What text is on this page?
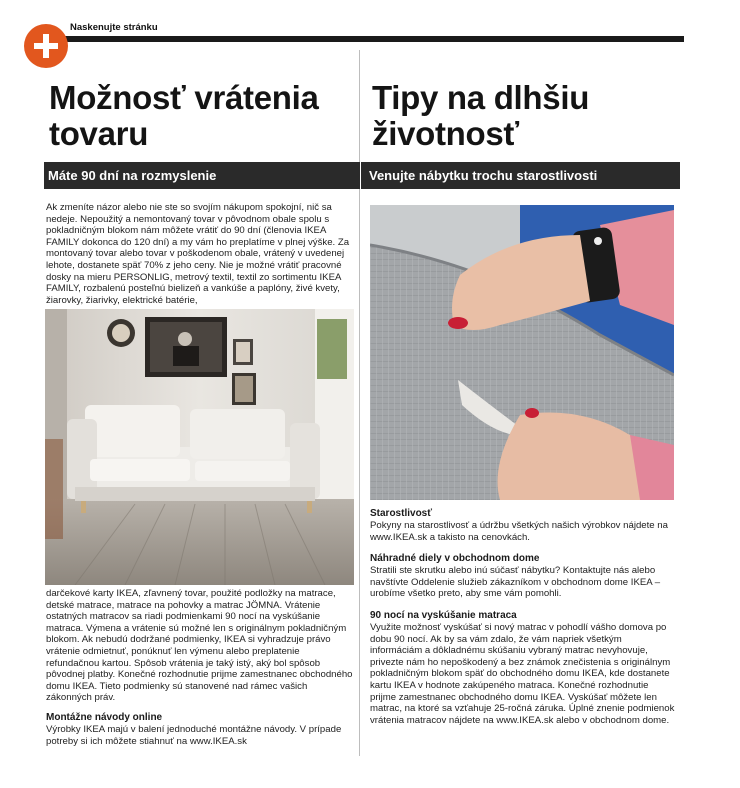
Naskenujte stránku
Možnosť vrátenia tovaru
Máte 90 dní na rozmyslenie

Ak zmeníte názor alebo nie ste so svojím nákupom spokojní, nič sa nedeje. Nepoužitý a nemontovaný tovar v pôvodnom obale spolu s pokladničným blokom nám môžete vrátiť do 90 dní (členovia IKEA FAMILY dokonca do 120 dní) a my vám ho preplatíme v plnej výške. Za montovaný tovar alebo tovar v poškodenom obale, vrátený v uvedenej lehote, dostanete späť 70% z jeho ceny. Nie je možné vrátiť pracovné dosky na mieru PERSONLIG, metrový textil, textil zo sortimentu IKEA FAMILY, rozbalenú posteľnú bielizeň a vankúše a paplóny, živé kvety, žiarovky, žiarivky, elektrické batérie,

darčekové karty IKEA, zľavnený tovar, použité podložky na matrace, detské matrace, matrace na pohovky a matrac JÖMNA. Vrátenie ostatných matracov sa riadi podmienkami 90 nocí na vyskúšanie matraca. Výmena a vrátenie sú možné len s originálnym pokladničným blokom. Ak nebudú dodržané podmienky, IKEA si vyhradzuje právo vrátenie odmietnuť, ponúknuť len výmenu alebo preplatenie refundačnou kartou. Spôsob vrátenia je taký istý, aký bol spôsob pôvodnej platby. Konečné rozhodnutie prijme zamestnanec obchodného domu IKEA. Tieto podmienky sú stanovené nad rámec vašich zákonných práv.

Montážne návody online

Výrobky IKEA majú v balení jednoduché montážne návody. V prípade potreby si ich môžete stiahnuť na www.IKEA.sk

Tipy na dlhšiu životnosť
Venujte nábytku trochu starostlivosti
Starostlivosť

Pokyny na starostlivosť a údržbu všetkých našich výrobkov nájdete na www.IKEA.sk a takisto na cenovkách.

Náhradné diely v obchodnom dome

Stratili ste skrutku alebo inú súčasť nábytku? Kontaktujte nás alebo navštívte Oddelenie služieb zákazníkom v obchodnom dome IKEA – urobíme všetko preto, aby sme vám pomohli.

90 nocí na vyskúšanie matraca

Využite možnosť vyskúšať si nový matrac v pohodlí vášho domova po dobu 90 nocí. Ak by sa vám zdalo, že vám napriek všetkým informáciám a dôkladnému skúšaniu vybraný matrac nevyhovuje, privezte nám ho nepoškodený a bez známok znečistenia s originálnym pokladničným blokom späť do obchodného domu IKEA, kde dostanete kartu IKEA v hodnote zakúpeného matraca. Konečné rozhodnutie prijme zamestnanec obchodného domu IKEA. Vyskúšať môžete len matrac, na ktoré sa vzťahuje 25-ročná záruka. Úplné znenie podmienok vrátenia matracov nájdete na www.IKEA.sk alebo v obchodnom dome.
